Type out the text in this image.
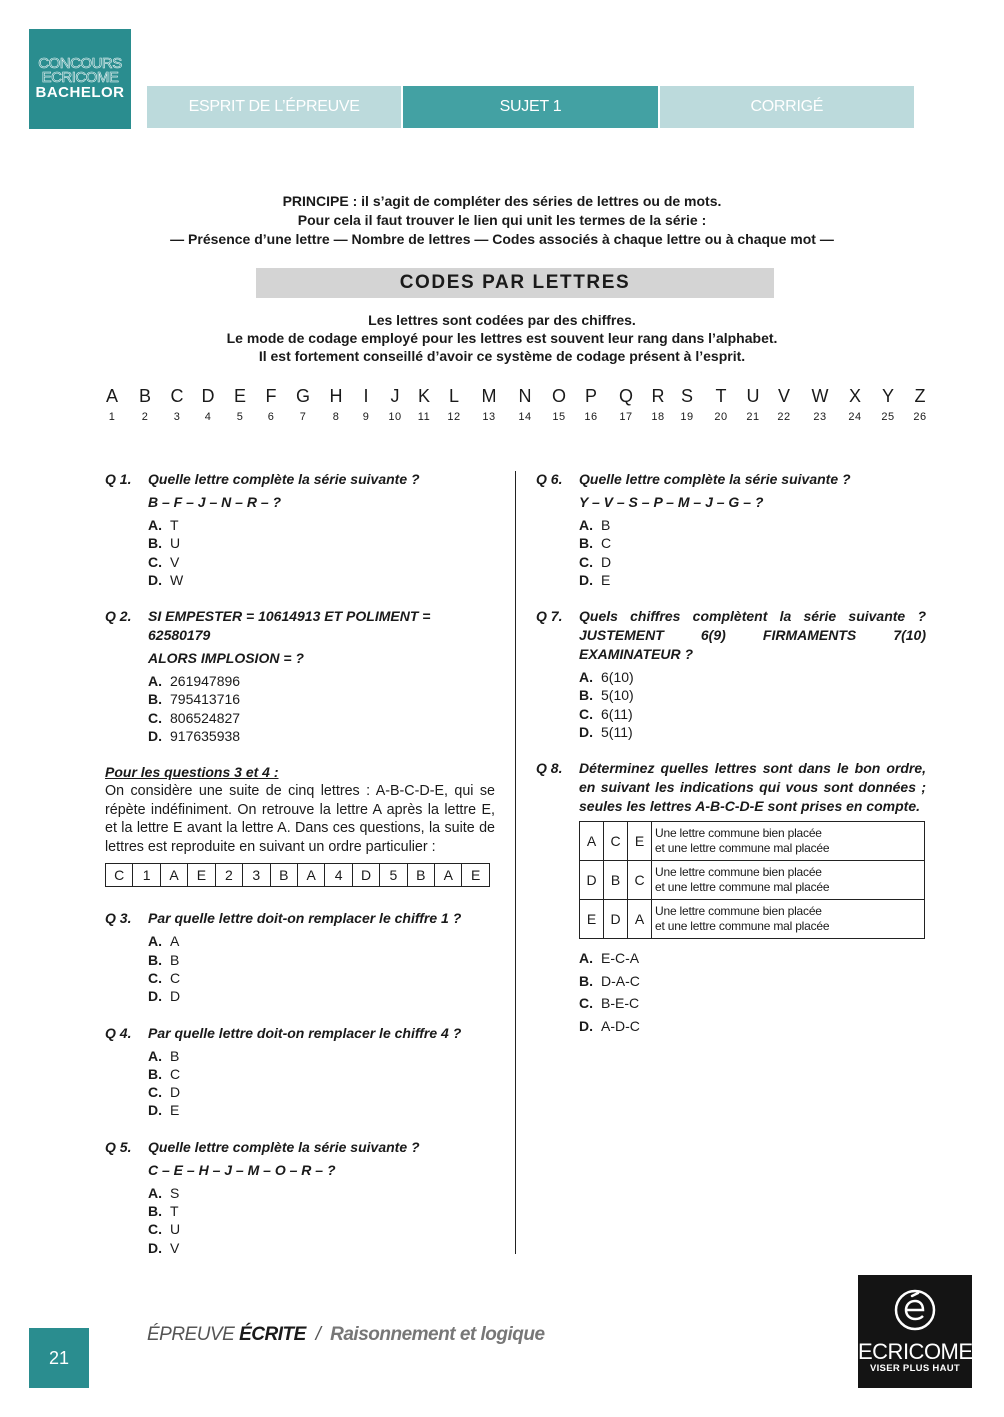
CONCOURS
ECRICOME
BACHELOR
ESPRIT DE L’ÉPREUVE	SUJET 1	CORRIGÉ
PRINCIPE : il s’agit de compléter des séries de lettres ou de mots.
Pour cela il faut trouver le lien qui unit les termes de la série :
— Présence d’une lettre — Nombre de lettres — Codes associés à chaque lettre ou à chaque mot —
CODES PAR LETTRES
Les lettres sont codées par des chiffres.
Le mode de codage employé pour les lettres est souvent leur rang dans l’alphabet.
Il est fortement conseillé d’avoir ce système de codage présent à l’esprit.
A
1
B
2
C
3
D
4
E
5
F
6
G
7
H
8
I
9
J
10
K
11
L
12
M
13
N
14
O
15
P
16
Q
17
R
18
S
19
T
20
U
21
V
22
W
23
X
24
Y
25
Z
26
Q 1.	Quelle lettre complète la série suivante ?
B – F – J – N – R – ?
A. T
B. U
C. V
D. W
Q 2.	SI EMPESTER = 10614913 ET POLIMENT = 62580179
ALORS IMPLOSION = ?
A. 261947896
B. 795413716
C. 806524827
D. 917635938
Pour les questions 3 et 4 :
On considère une suite de cinq lettres : A-B-C-D-E, qui se répète indéfiniment. On retrouve la lettre A après la lettre E, et la lettre E avant la lettre A. Dans ces questions, la suite de lettres est reproduite en suivant un ordre particulier :
C	1	A	E	2	3	B	A	4	D	5	B	A	E
Q 3.	Par quelle lettre doit-on remplacer le chiffre 1 ?
A. A
B. B
C. C
D. D
Q 4.	Par quelle lettre doit-on remplacer le chiffre 4 ?
A. B
B. C
C. D
D. E
Q 5.	Quelle lettre complète la série suivante ?
C – E – H – J – M – O – R – ?
A. S
B. T
C. U
D. V
Q 6.	Quelle lettre complète la série suivante ?
Y – V – S – P – M – J – G – ?
A. B
B. C
C. D
D. E
Q 7.	Quels chiffres complètent la série suivante ? JUSTEMENT 6(9) FIRMAMENTS 7(10) EXAMINATEUR ?
A. 6(10)
B. 5(10)
C. 6(11)
D. 5(11)
Q 8.	Déterminez quelles lettres sont dans le bon ordre, en suivant les indications qui vous sont données ; seules les lettres A-B-C-D-E sont prises en compte.
A	C	E	Une lettre commune bien placée
et une lettre commune mal placée

D	B	C	Une lettre commune bien placée
et une lettre commune mal placée

E	D	A	Une lettre commune bien placée
et une lettre commune mal placée
A. E-C-A
B. D-A-C
C. B-E-C
D. A-D-C
21
ÉPREUVE ÉCRITE / Raisonnement et logique
ECRICOME
VISER PLUS HAUT
